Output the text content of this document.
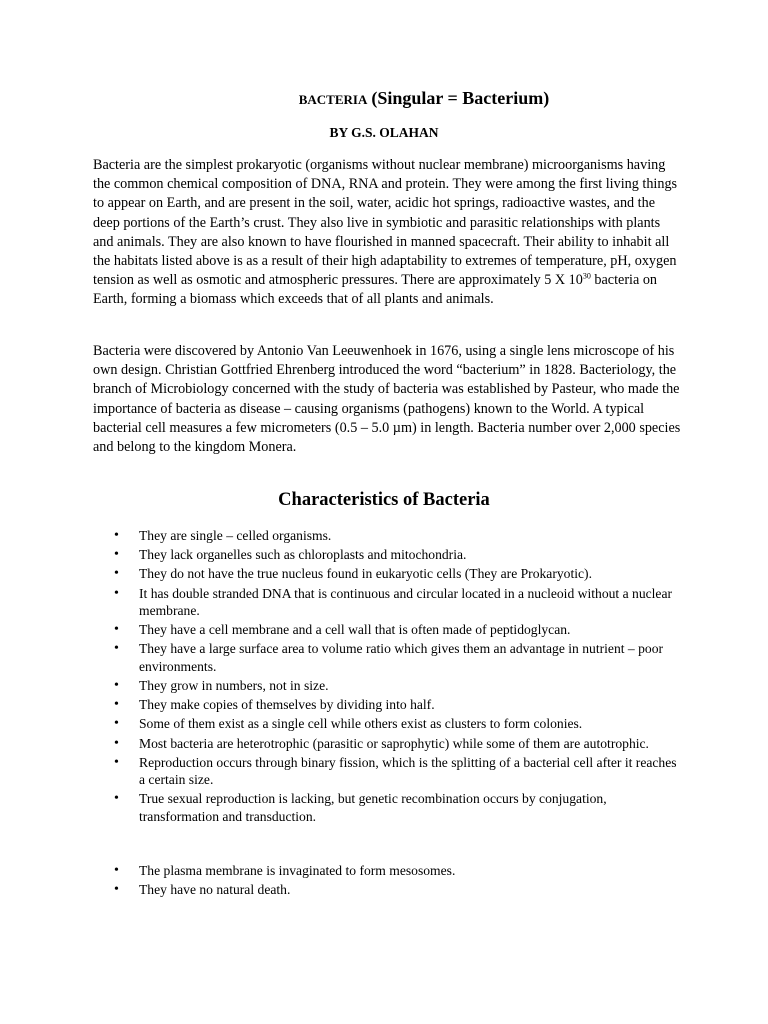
BACTERIA (Singular = Bacterium)
BY G.S. OLAHAN

Bacteria are the simplest prokaryotic (organisms without nuclear membrane) microorganisms having the common chemical composition of DNA, RNA and protein. They were among the first living things to appear on Earth, and are present in the soil, water, acidic hot springs, radioactive wastes, and the deep portions of the Earth’s crust. They also live in symbiotic and parasitic relationships with plants and animals. They are also known to have flourished in manned spacecraft. Their ability to inhabit all the habitats listed above is as a result of their high adaptability to extremes of temperature, pH, oxygen tension as well as osmotic and atmospheric pressures. There are approximately 5 X $10^{30}$ bacteria on Earth, forming a biomass which exceeds that of all plants and animals.

Bacteria were discovered by Antonio Van Leeuwenhoek in 1676, using a single lens microscope of his own design. Christian Gottfried Ehrenberg introduced the word “bacterium” in 1828. Bacteriology, the branch of Microbiology concerned with the study of bacteria was established by Pasteur, who made the importance of bacteria as disease – causing organisms (pathogens) known to the World. A typical bacterial cell measures a few micrometers (0.5 – 5.0 µm) in length. Bacteria number over 2,000 species and belong to the kingdom Monera.

Characteristics of Bacteria
• They are single – celled organisms.
• They lack organelles such as chloroplasts and mitochondria.
• They do not have the true nucleus found in eukaryotic cells (They are Prokaryotic).
• It has double stranded DNA that is continuous and circular located in a nucleoid without a nuclear membrane.
• They have a cell membrane and a cell wall that is often made of peptidoglycan.
• They have a large surface area to volume ratio which gives them an advantage in nutrient – poor environments.
• They grow in numbers, not in size.
• They make copies of themselves by dividing into half.
• Some of them exist as a single cell while others exist as clusters to form colonies.
• Most bacteria are heterotrophic (parasitic or saprophytic) while some of them are autotrophic.
• Reproduction occurs through binary fission, which is the splitting of a bacterial cell after it reaches a certain size.
• True sexual reproduction is lacking, but genetic recombination occurs by conjugation, transformation and transduction.
• The plasma membrane is invaginated to form mesosomes.
• They have no natural death.
